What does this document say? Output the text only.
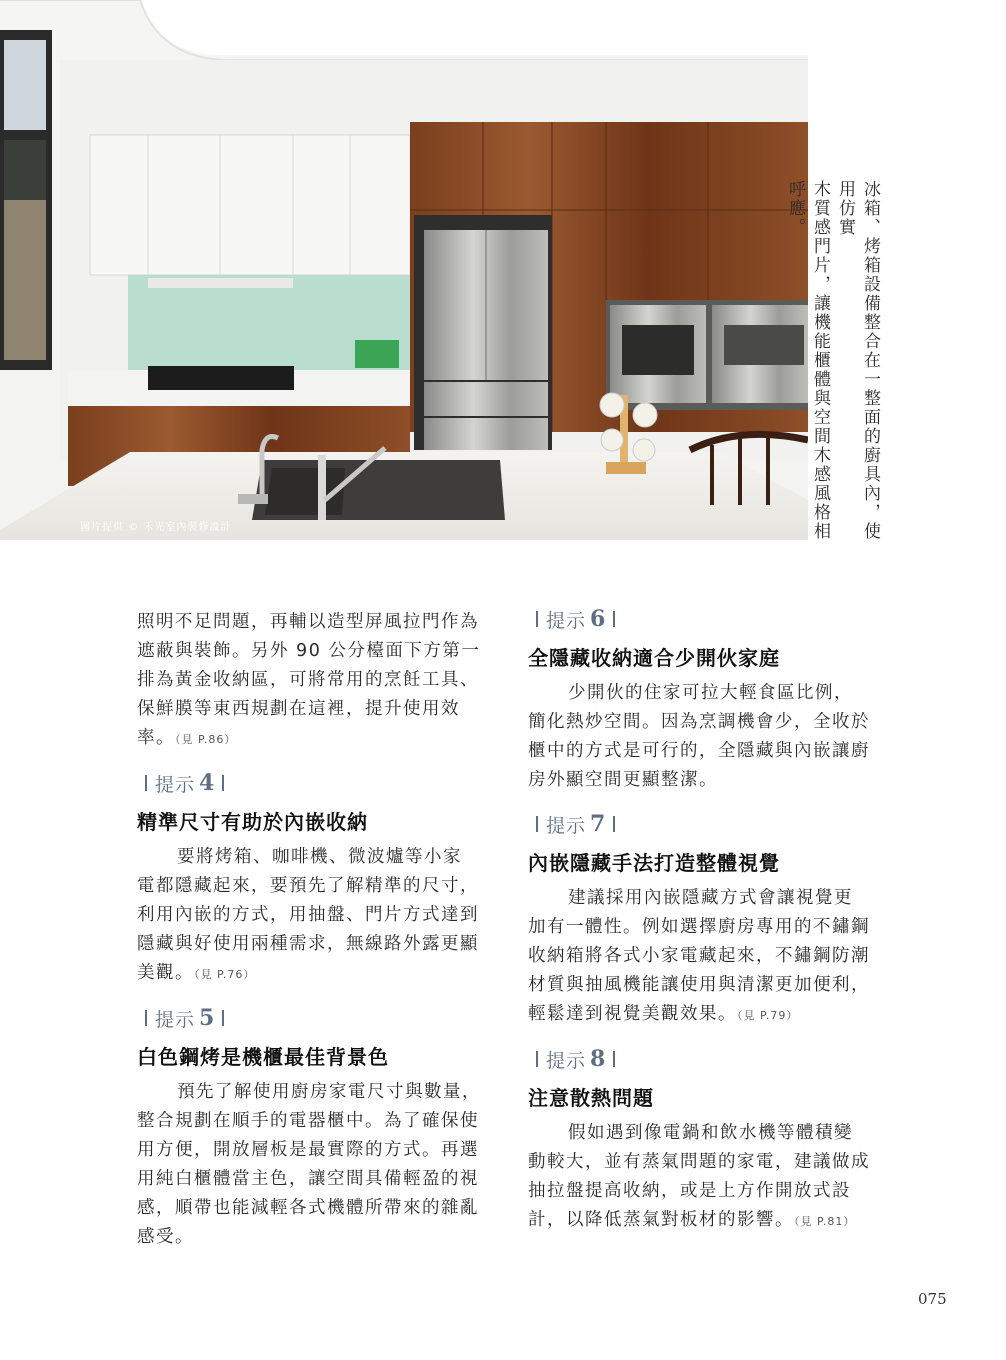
圖片提供 © 禾光室內裝修設計	冰箱、烤箱設備整合在一整面的廚具內，使用仿實
木質感門片，讓機能櫃體與空間木感風格相呼應。

照明不足問題，再輔以造型屏風拉門作為
遮蔽與裝飾。另外 90 公分檯面下方第一
排為黃金收納區，可將常用的烹飪工具、
保鮮膜等東西規劃在這裡，提升使用效
率。（見 P.86）

提示 4
精準尺寸有助於內嵌收納

要將烤箱、咖啡機、微波爐等小家
電都隱藏起來，要預先了解精準的尺寸，
利用內嵌的方式，用抽盤、門片方式達到
隱藏與好使用兩種需求，無線路外露更顯
美觀。（見 P.76）

提示 5
白色鋼烤是機櫃最佳背景色

預先了解使用廚房家電尺寸與數量，
整合規劃在順手的電器櫃中。為了確保使
用方便，開放層板是最實際的方式。再選
用純白櫃體當主色，讓空間具備輕盈的視
感，順帶也能減輕各式機體所帶來的雜亂
感受。

提示 6
全隱藏收納適合少開伙家庭

少開伙的住家可拉大輕食區比例，
簡化熱炒空間。因為烹調機會少，全收於
櫃中的方式是可行的，全隱藏與內嵌讓廚
房外顯空間更顯整潔。

提示 7
內嵌隱藏手法打造整體視覺

建議採用內嵌隱藏方式會讓視覺更
加有一體性。例如選擇廚房專用的不鏽鋼
收納箱將各式小家電藏起來，不鏽鋼防潮
材質與抽風機能讓使用與清潔更加便利，
輕鬆達到視覺美觀效果。（見 P.79）

提示 8
注意散熱問題

假如遇到像電鍋和飲水機等體積變
動較大，並有蒸氣問題的家電，建議做成
抽拉盤提高收納，或是上方作開放式設
計，以降低蒸氣對板材的影響。（見 P.81）

075
